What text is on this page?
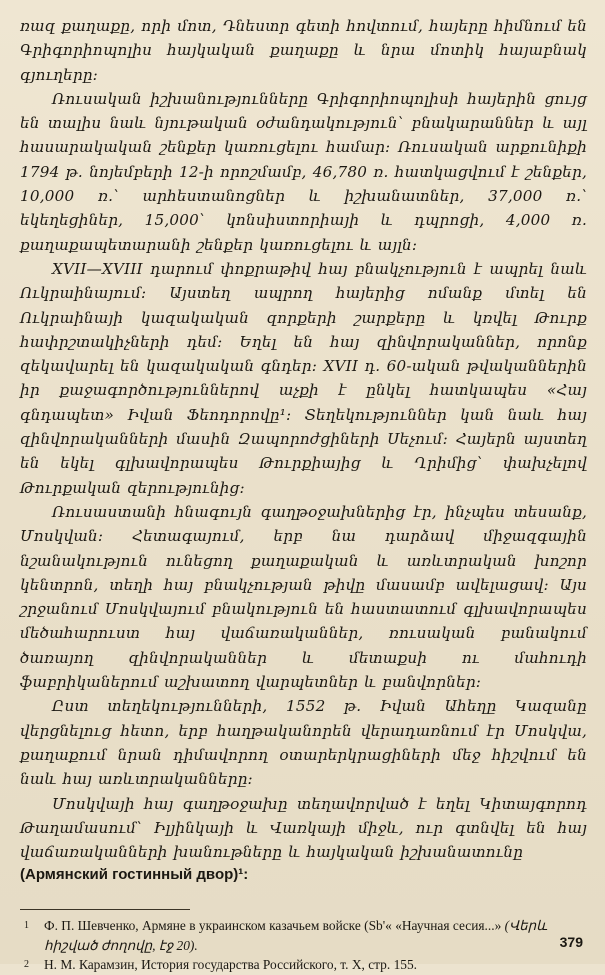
ռազ քաղաքը, որի մոտ, Դնեստր գետի հովտում, հայերը հիմնում են Գրիգորիոպոլիս հայկական քաղաքը և նրա մոտիկ հայաբնակ գյուղերը:

Ռուսական իշխանությունները Գրիգորիոպոլիսի հայերին ցույց են տալիս նաև նյութական օժանդակություն՝ բնակարաններ և այլ հասարակական շենքեր կառուցելու համար: Ռուսական արքունիքի 1794 թ. նոյեմբերի 12-ի որոշմամբ, 46,780 ռ. հատկացվում է շենքեր, 10,000 ռ.՝ արհեստանոցներ և իշխանատներ, 37,000 ռ.՝ եկեղեցիներ, 15,000՝ կոնսիստորիայի և դպրոցի, 4,000 ռ. քաղաքապետարանի շենքեր կառուցելու և այլն:

XVII—XVIII դարում փոքրաթիվ հայ բնակչություն է ապրել նաև Ուկրաինայում: Այստեղ ապրող հայերից ոմանք մտել են Ուկրաինայի կազակական զորքերի շարքերը և կռվել Թուրք հափրշտակիչների դեմ: Եղել են հայ զինվորականներ, որոնք զեկավարել են կազակական գնդեր: XVII դ. 60-ական թվականներին իր քաջագործություններով աչքի է ընկել հատկապես «Հայ գնդապետ» Իվան Ֆեոդորովը¹: Տեղեկություններ կան նաև հայ զինվորականների մասին Զապորոժցիների Սեչում: Հայերն այստեղ են եկել գլխավորապես Թուրքիայից և Ղրիմից՝ փախչելով Թուրքական զերությունից:

Ռուսաստանի հնագույն գաղթօջախներից էր, ինչպես տեսանք, Մոսկվան: Հետագայում, երբ նա դարձավ միջազգային նշանակություն ունեցող քաղաքական և առևտրական խոշոր կենտրոն, տեղի հայ բնակչության թիվը մասամբ ավելացավ: Այս շրջանում Մոսկվայում բնակություն են հաստատում գլխավորապես մեծահարուստ հայ վաճառականներ, ռուսական բանակում ծառայող զինվորականներ և մետաքսի ու մահուդի ֆաբրիկաներում աշխատող վարպետներ և բանվորներ:

Ըստ տեղեկությունների, 1552 թ. Իվան Ահեղը Կազանը վերցնելուց հետո, երբ հաղթականորեն վերադառնում էր Մոսկվա, քաղաքում նրան դիմավորող օտարերկրացիների մեջ հիշվում են նաև հայ առևտրականները:

Մոսկվայի հայ գաղթօջախը տեղավորված է եղել Կիտայգորոդ Թաղամասում՝ Իլյինկայի և Վառկայի միջև, ուր գտնվել են հայ վաճառականների խանութները և հայկական իշխանատունը

(Армянский гостинный двор)¹:
1	Ф. П. Шевченко, Армяне в украинском казачьем войске (Sb'« «Научная сесия...» (Վերև հիշված ժողովը, էջ 20).
2	Н. М. Карамзин, История государства Российского, т. X, стр. 155.
379
